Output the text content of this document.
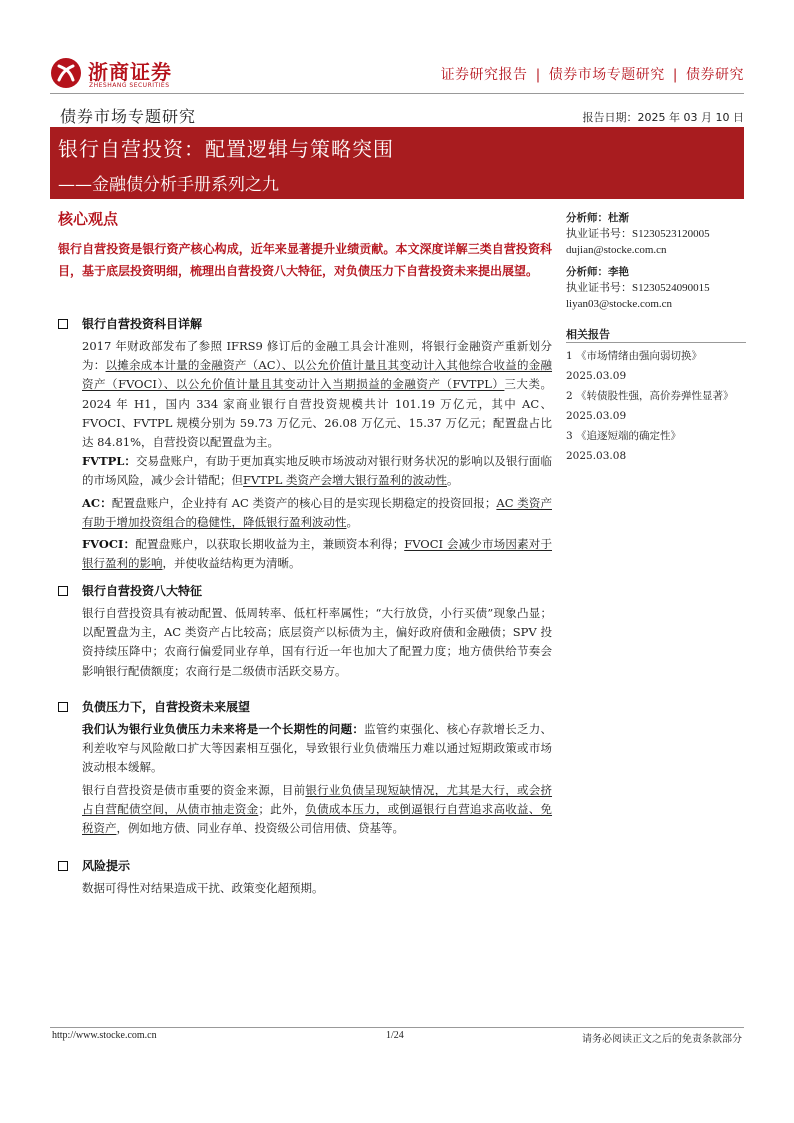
浙商证券
ZHESHANG SECURITIES
证券研究报告 | 债券市场专题研究 | 债券研究
债券市场专题研究	报告日期：2025 年 03 月 10 日
银行自营投资：配置逻辑与策略突围
——金融债分析手册系列之九
核心观点
银行自营投资是银行资产核心构成，近年来显著提升业绩贡献。本文深度详解三类自营投资科目，基于底层投资明细，梳理出自营投资八大特征，对负债压力下自营投资未来提出展望。
银行自营投资科目详解
2017 年财政部发布了参照 IFRS9 修订后的金融工具会计准则，将银行金融资产重新划分为：以摊余成本计量的金融资产（AC）、以公允价值计量且其变动计入其他综合收益的金融资产（FVOCI）、以公允价值计量且其变动计入当期损益的金融资产（FVTPL）三大类。2024 年 H1，国内 334 家商业银行自营投资规模共计 101.19 万亿元，其中 AC、FVOCI、FVTPL 规模分别为 59.73 万亿元、26.08 万亿元、15.37 万亿元；配置盘占比达 84.81%，自营投资以配置盘为主。
FVTPL：交易盘账户，有助于更加真实地反映市场波动对银行财务状况的影响以及银行面临的市场风险，减少会计错配；但FVTPL 类资产会增大银行盈利的波动性。
AC：配置盘账户，企业持有 AC 类资产的核心目的是实现长期稳定的投资回报；AC 类资产有助于增加投资组合的稳健性，降低银行盈利波动性。
FVOCI：配置盘账户，以获取长期收益为主，兼顾资本利得；FVOCI 会减少市场因素对于银行盈利的影响，并使收益结构更为清晰。
银行自营投资八大特征
银行自营投资具有被动配置、低周转率、低杠杆率属性；“大行放贷，小行买债”现象凸显；以配置盘为主，AC 类资产占比较高；底层资产以标债为主，偏好政府债和金融债；SPV 投资持续压降中；农商行偏爱同业存单，国有行近一年也加大了配置力度；地方债供给节奏会影响银行配债额度；农商行是二级债市活跃交易方。
负债压力下，自营投资未来展望
我们认为银行业负债压力未来将是一个长期性的问题：监管约束强化、核心存款增长乏力、利差收窄与风险敞口扩大等因素相互强化，导致银行业负债端压力难以通过短期政策或市场波动根本缓解。
银行自营投资是债市重要的资金来源，目前银行业负债呈现短缺情况，尤其是大行，或会挤占自营配债空间，从债市抽走资金；此外，负债成本压力，或倒逼银行自营追求高收益、免税资产，例如地方债、同业存单、投资级公司信用债、贷基等。
风险提示
数据可得性对结果造成干扰、政策变化超预期。
分析师：杜渐
执业证书号：S1230523120005
dujian@stocke.com.cn
分析师：李艳
执业证书号：S1230524090015
liyan03@stocke.com.cn
相关报告
1 《市场情绪由强向弱切换》
2025.03.09
2 《转债股性强，高价券弹性显著》
2025.03.09
3 《追逐短端的确定性》
2025.03.08
http://www.stocke.com.cn	1/24	请务必阅读正文之后的免责条款部分
